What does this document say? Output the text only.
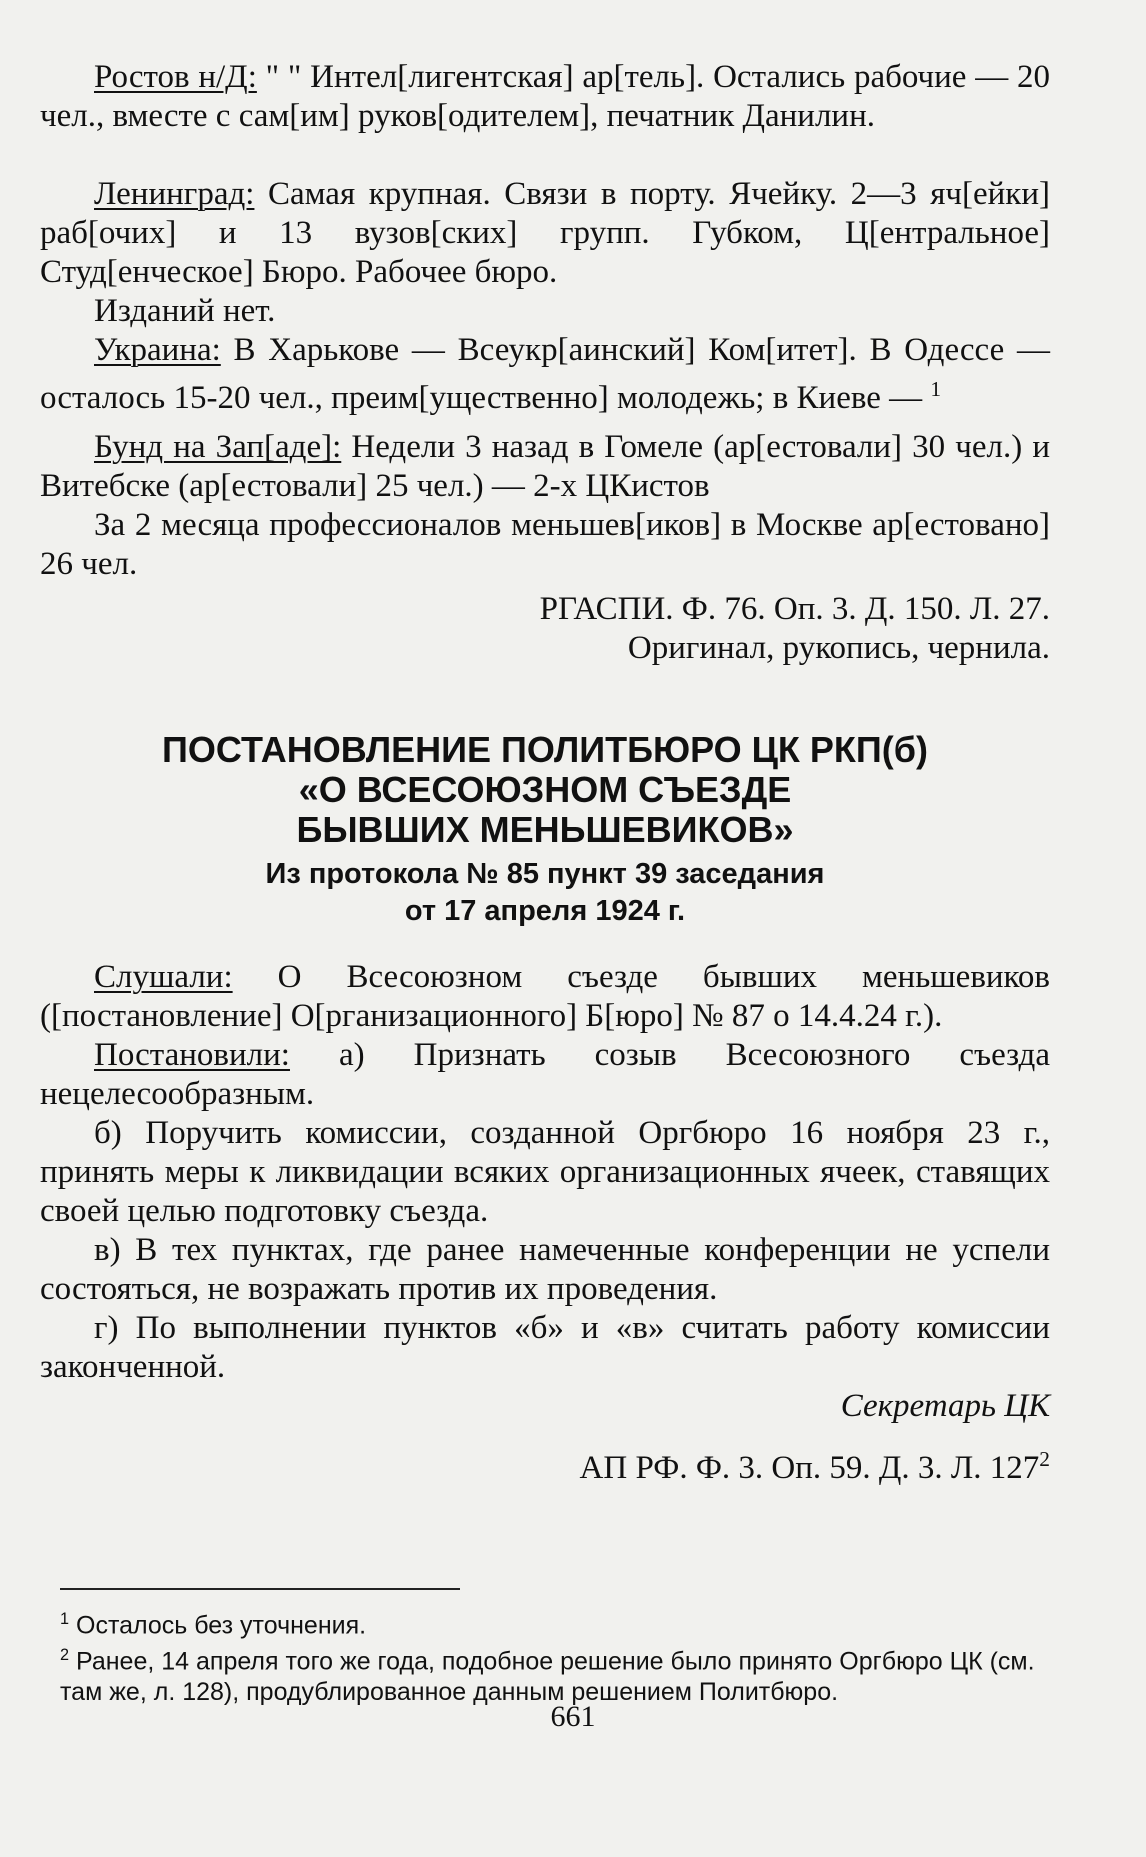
Ростов н/Д: " " Интел[лигентская] ар[тель]. Остались рабочие — 20 чел., вместе с сам[им] руков[одителем], печатник Данилин.

Ленинград: Самая крупная. Связи в порту. Ячейку. 2—3 яч[ейки] раб[очих] и 13 вузов[ских] групп. Губком, Ц[ентральное] Студ[енческое] Бюро. Рабочее бюро.

Изданий нет.

Украина: В Харькове — Всеукр[аинский] Ком[итет]. В Одессе — осталось 15-20 чел., преим[ущественно] молодежь; в Киеве — $^1$

Бунд на Зап[аде]: Недели 3 назад в Гомеле (ар[естовали] 30 чел.) и Витебске (ар[естовали] 25 чел.) — 2-х ЦКистов

За 2 месяца профессионалов меньшев[иков] в Москве ар[естовано] 26 чел.

РГАСПИ. Ф. 76. Оп. 3. Д. 150. Л. 27.

Оригинал, рукопись, чернила.

ПОСТАНОВЛЕНИЕ ПОЛИТБЮРО ЦК РКП(б)

«О ВСЕСОЮЗНОМ СЪЕЗДЕ

БЫВШИХ МЕНЬШЕВИКОВ»

Из протокола № 85 пункт 39 заседания

от 17 апреля 1924 г.

Слушали: О Всесоюзном съезде бывших меньшевиков ([постановление] О[рганизационного] Б[юро] № 87 о 14.4.24 г.).

Постановили: а) Признать созыв Всесоюзного съезда нецелесообразным.

б) Поручить комиссии, созданной Оргбюро 16 ноября 23 г., принять меры к ликвидации всяких организационных ячеек, ставящих своей целью подготовку съезда.

в) В тех пунктах, где ранее намеченные конференции не успели состояться, не возражать против их проведения.

г) По выполнении пунктов «б» и «в» считать работу комиссии законченной.

Секретарь ЦК

АП РФ. Ф. 3. Оп. 59. Д. 3. Л. $127^2$

$^1$ Осталось без уточнения.

$^2$ Ранее, 14 апреля того же года, подобное решение было принято Оргбюро ЦК (см. там же, л. 128), продублированное данным решением Политбюро.

661
